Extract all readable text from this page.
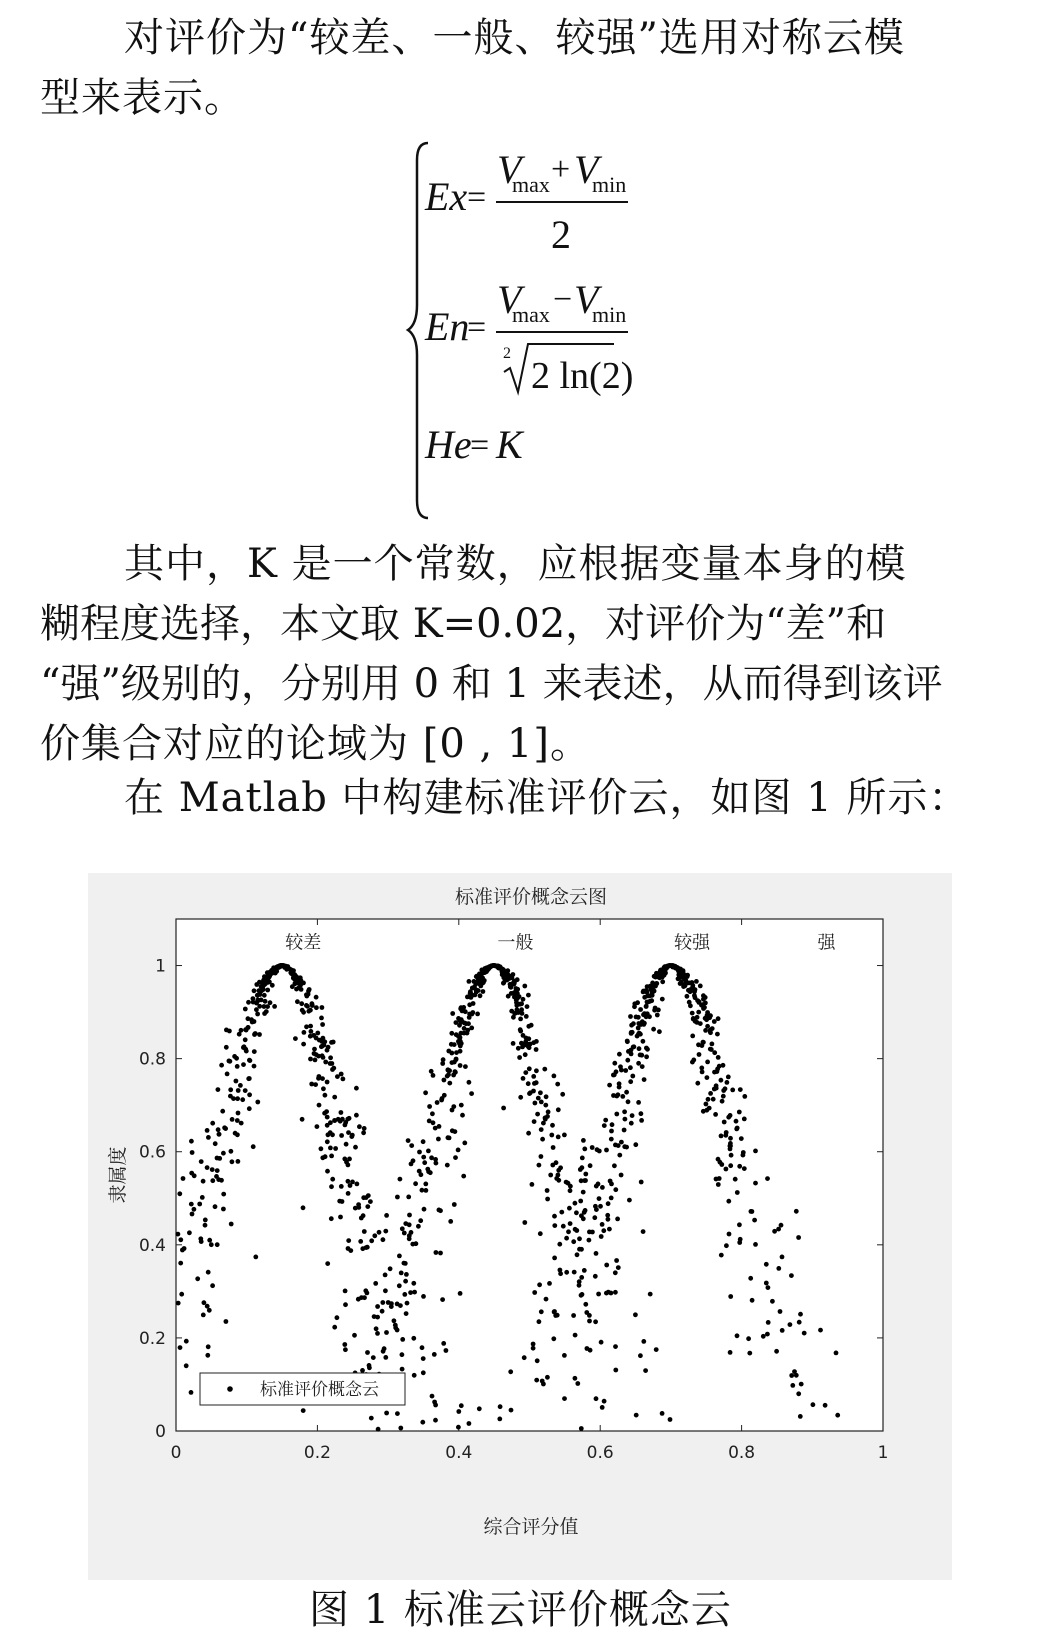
对评价为“较差、一般、较强”选用对称云模
型来表示。
Ex =
V
max + V
min
2
En
=
V
max − V
min
2
2 ln(2)
He
= K
其中，K 是一个常数，应根据变量本身的模
糊程度选择，本文取 K=0.02，对评价为“差”和
“强”级别的，分别用 0 和 1 来表述，从而得到该评
价集合对应的论域为 [0 , 1]。
在 Matlab 中构建标准评价云，如图 1 所示：
标准评价概念云图
0	0.2	0.4	0.6	0.8	1
0
0.2
0.4
0.6
0.8
1
较差	一般	较强	强
综合评分值
隶属度
标准评价概念云
图 1 标准云评价概念云
